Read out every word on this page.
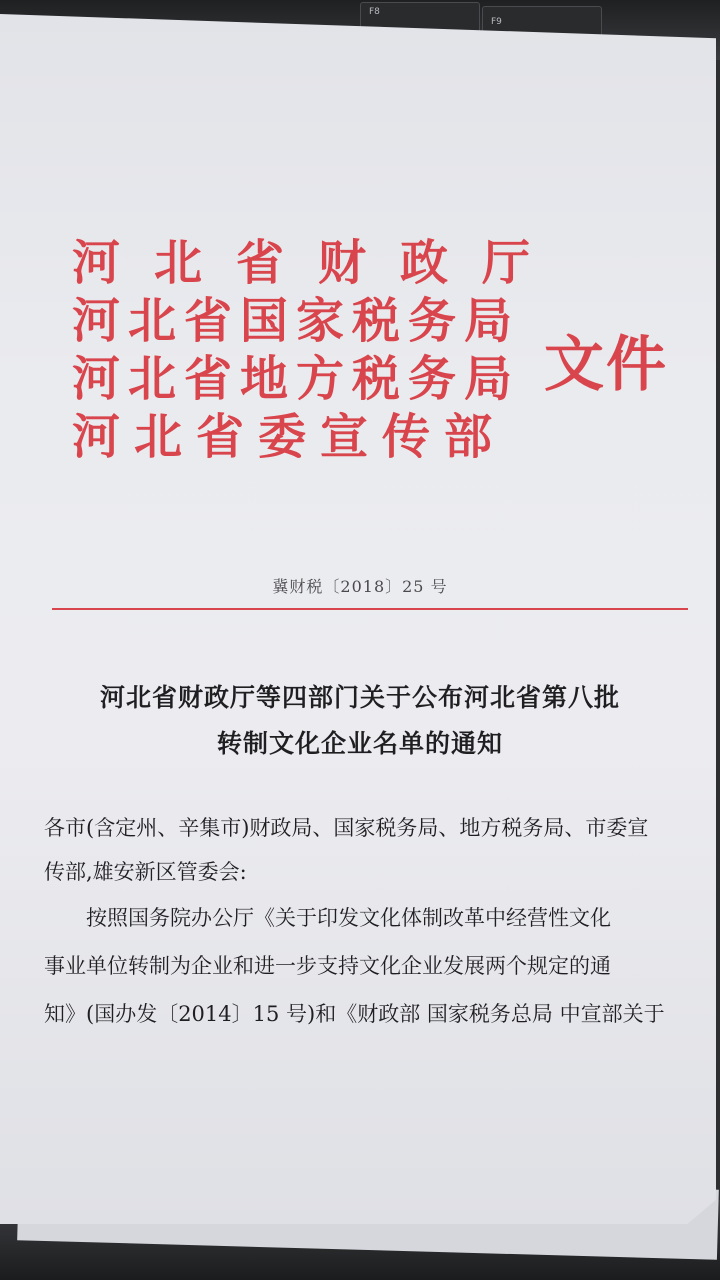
F8
F9
河北省财政厅
河北省国家税务局
河北省地方税务局
河北省委宣传部
文件
冀财税〔2018〕25 号
河北省财政厅等四部门关于公布河北省第八批
转制文化企业名单的通知
各市(含定州、辛集市)财政局、国家税务局、地方税务局、市委宣
传部,雄安新区管委会:
　　按照国务院办公厅《关于印发文化体制改革中经营性文化
事业单位转制为企业和进一步支持文化企业发展两个规定的通
知》(国办发〔2014〕15 号)和《财政部 国家税务总局 中宣部关于
